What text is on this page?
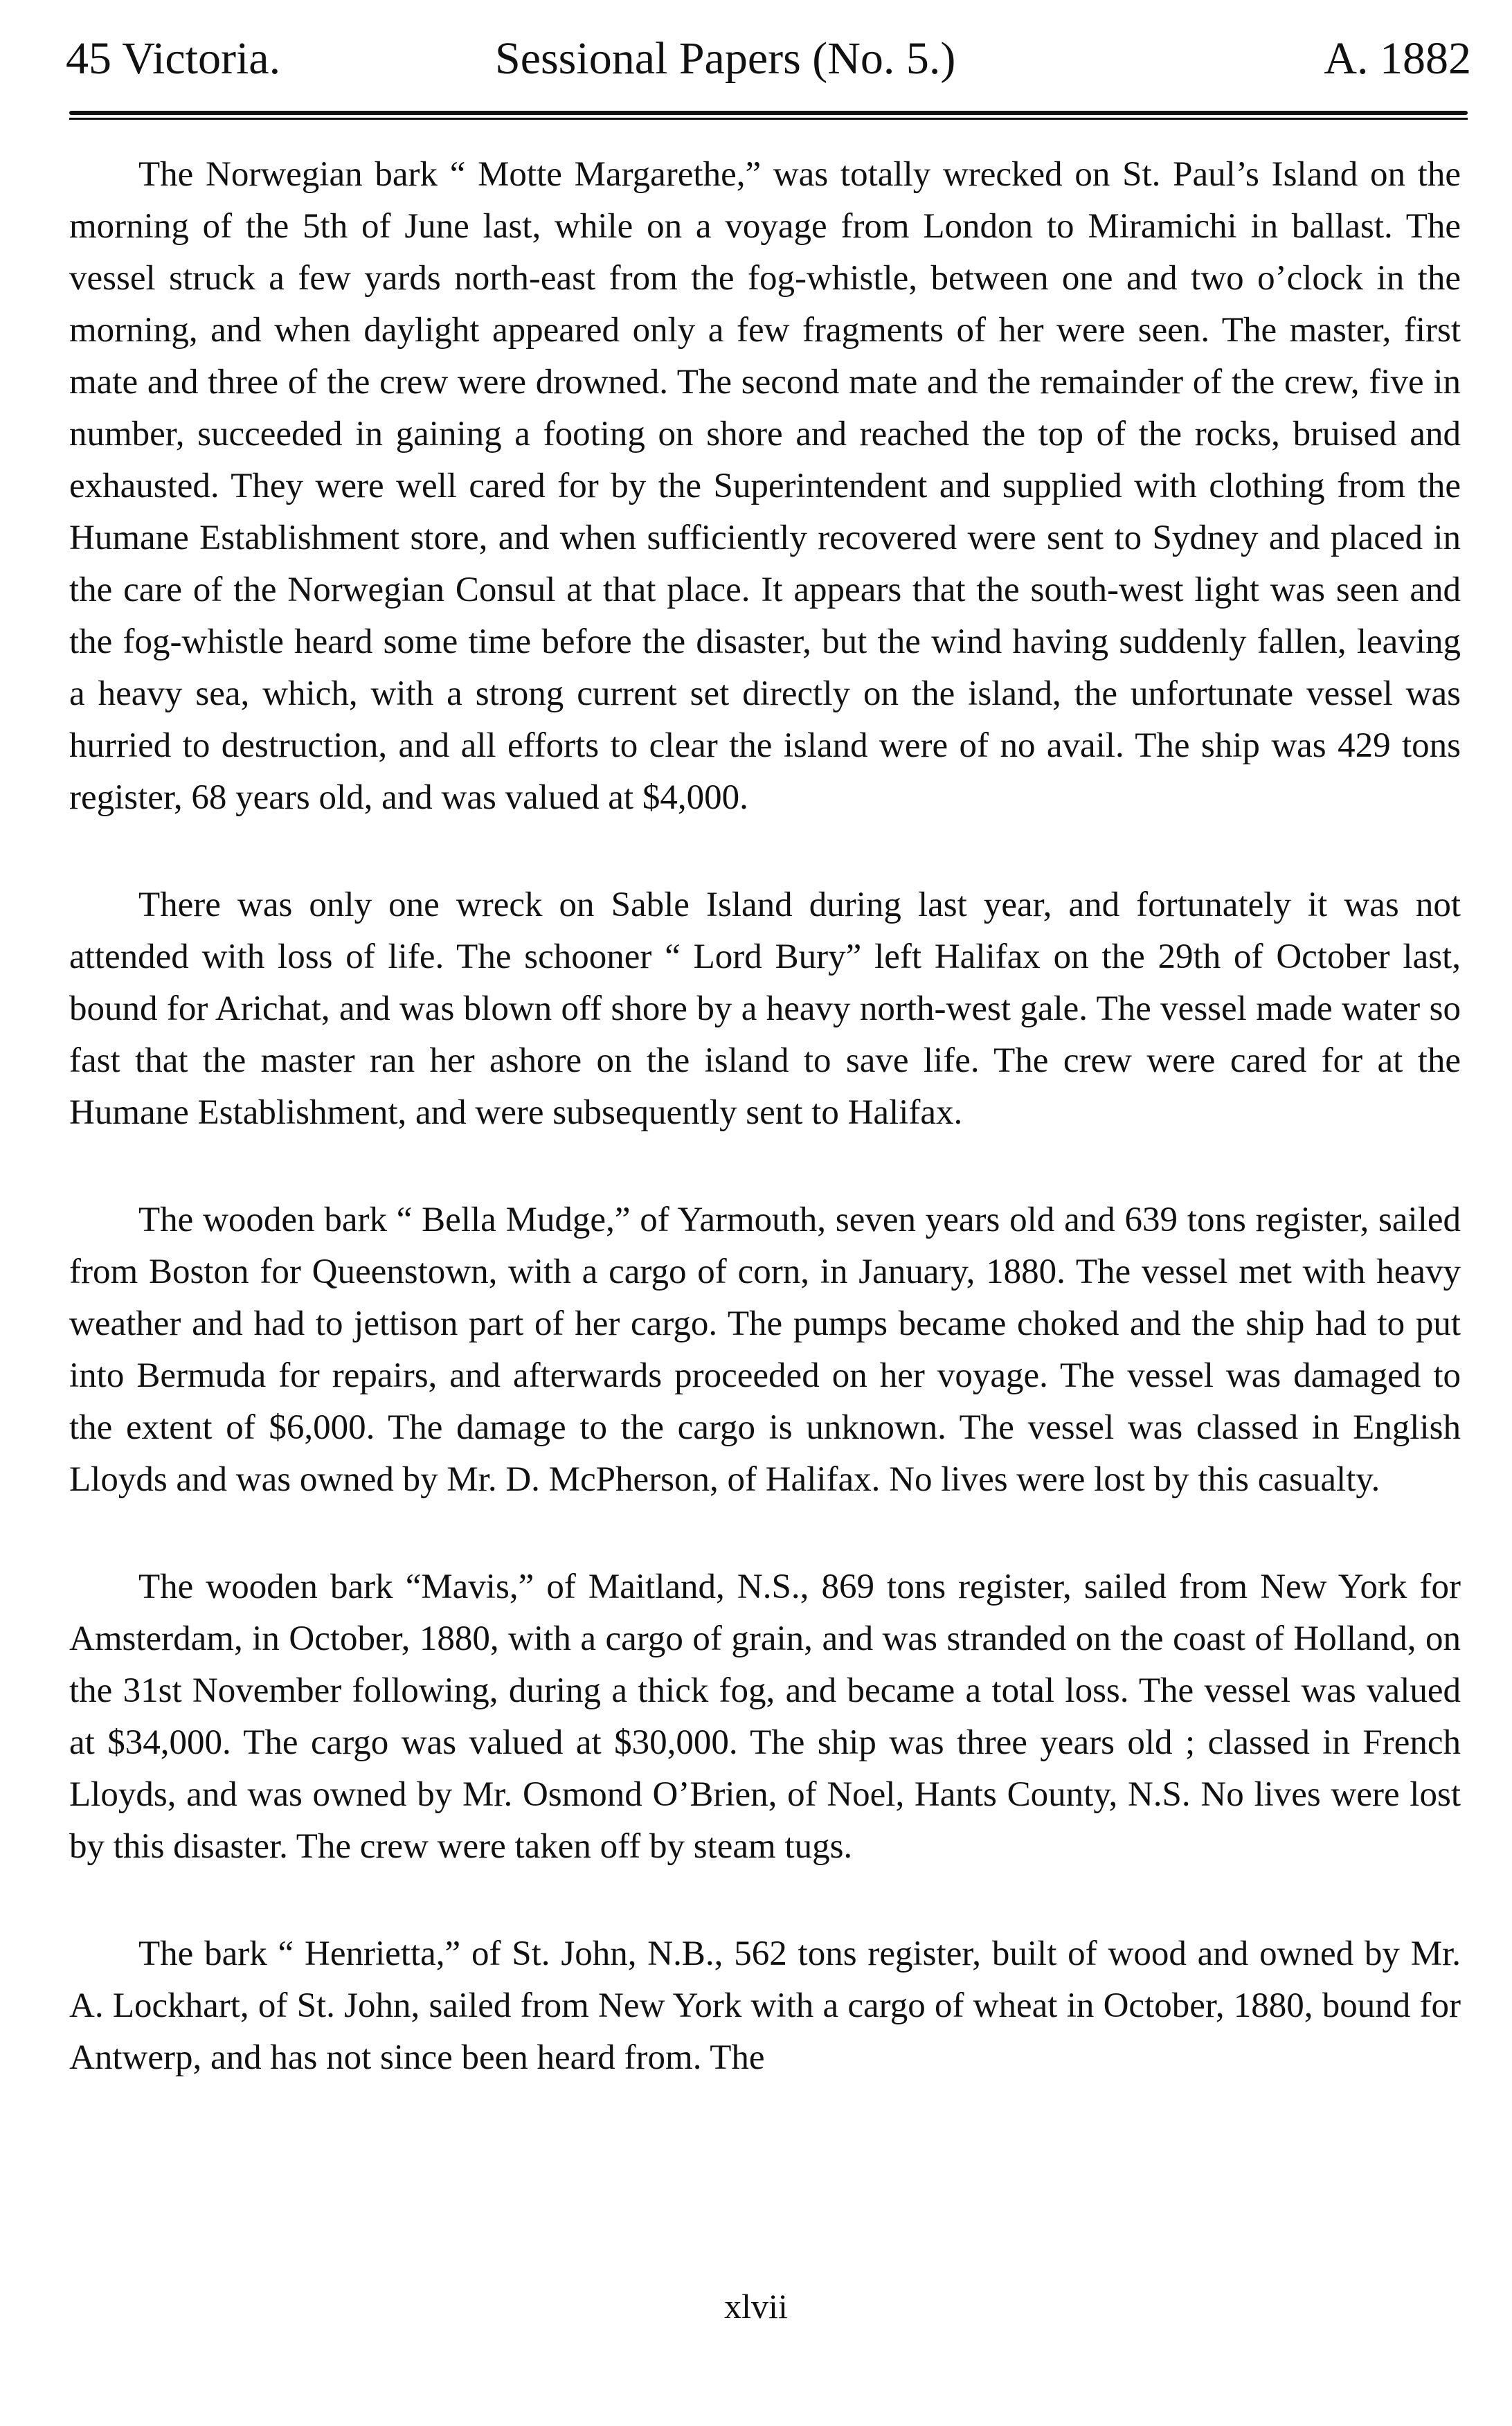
45 Victoria.	Sessional Papers (No. 5.)	A. 1882

The Norwegian bark “ Motte Margarethe,” was totally wrecked on St. Paul’s Island on the morning of the 5th of June last, while on a voyage from London to Miramichi in ballast. The vessel struck a few yards north-east from the fog-whistle, between one and two o’clock in the morning, and when daylight appeared only a few fragments of her were seen. The master, first mate and three of the crew were drowned. The second mate and the remainder of the crew, five in number, succeeded in gaining a footing on shore and reached the top of the rocks, bruised and exhausted. They were well cared for by the Superintendent and supplied with clothing from the Humane Establishment store, and when sufficiently recovered were sent to Sydney and placed in the care of the Norwegian Consul at that place. It appears that the south-west light was seen and the fog-whistle heard some time before the disaster, but the wind having suddenly fallen, leaving a heavy sea, which, with a strong current set directly on the island, the unfortunate vessel was hurried to destruction, and all efforts to clear the island were of no avail. The ship was 429 tons register, 68 years old, and was valued at $4,000.

There was only one wreck on Sable Island during last year, and fortunately it was not attended with loss of life. The schooner “ Lord Bury” left Halifax on the 29th of October last, bound for Arichat, and was blown off shore by a heavy north-west gale. The vessel made water so fast that the master ran her ashore on the island to save life. The crew were cared for at the Humane Establishment, and were subsequently sent to Halifax.

The wooden bark “ Bella Mudge,” of Yarmouth, seven years old and 639 tons register, sailed from Boston for Queenstown, with a cargo of corn, in January, 1880. The vessel met with heavy weather and had to jettison part of her cargo. The pumps became choked and the ship had to put into Bermuda for repairs, and afterwards proceeded on her voyage. The vessel was damaged to the extent of $6,000. The damage to the cargo is unknown. The vessel was classed in English Lloyds and was owned by Mr. D. McPherson, of Halifax. No lives were lost by this casualty.

The wooden bark “Mavis,” of Maitland, N.S., 869 tons register, sailed from New York for Amsterdam, in October, 1880, with a cargo of grain, and was stranded on the coast of Holland, on the 31st November following, during a thick fog, and became a total loss. The vessel was valued at $34,000. The cargo was valued at $30,000. The ship was three years old ; classed in French Lloyds, and was owned by Mr. Osmond O’Brien, of Noel, Hants County, N.S. No lives were lost by this disaster. The crew were taken off by steam tugs.

The bark “ Henrietta,” of St. John, N.B., 562 tons register, built of wood and owned by Mr. A. Lockhart, of St. John, sailed from New York with a cargo of wheat in October, 1880, bound for Antwerp, and has not since been heard from. The

xlvii
